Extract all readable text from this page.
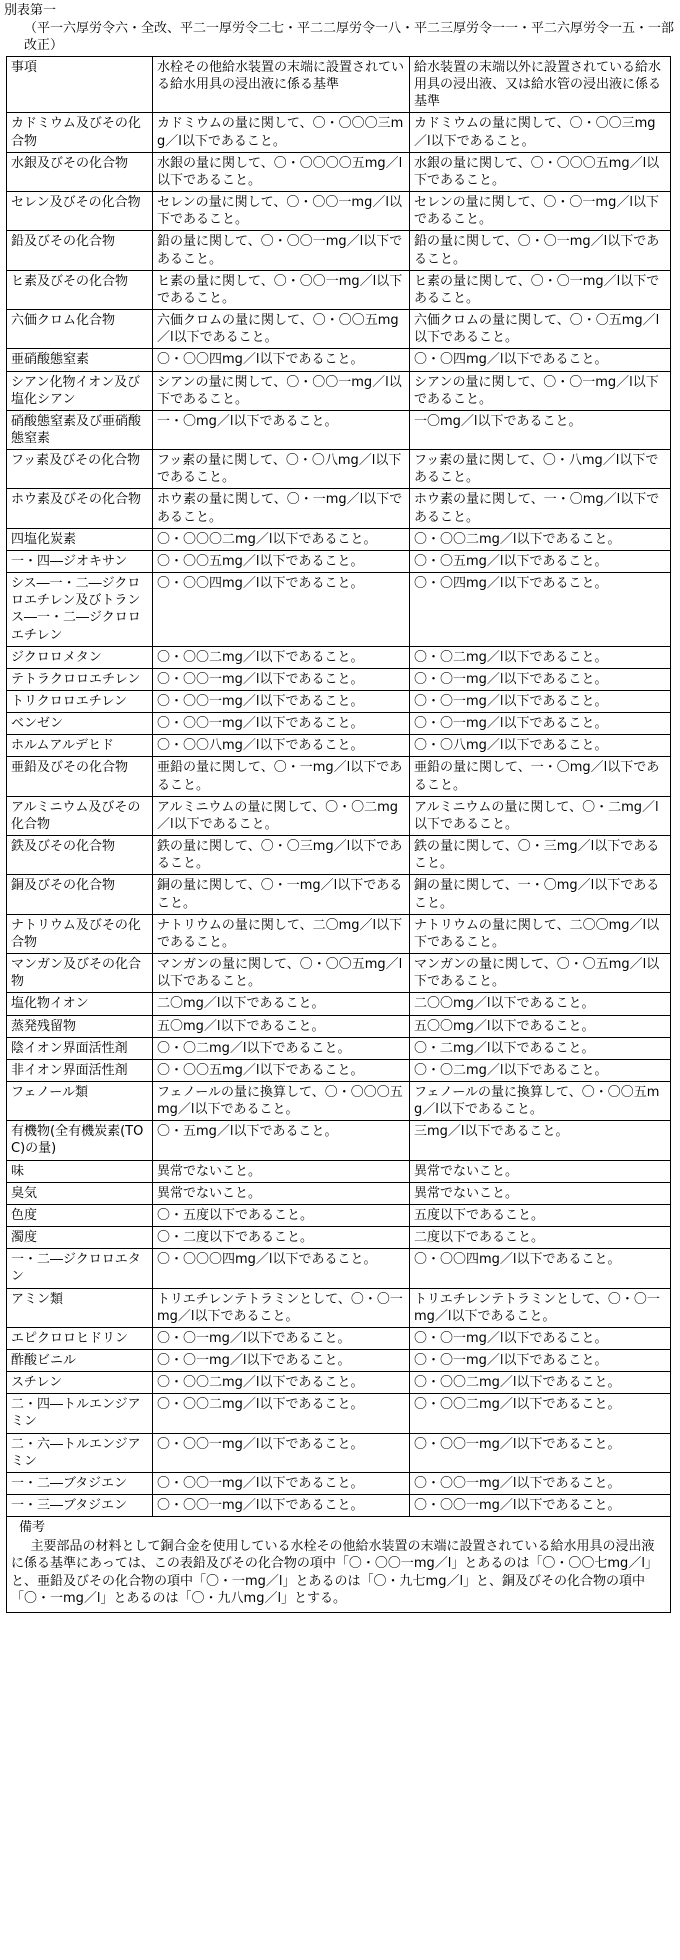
別表第一
（平一六厚労令六・全改、平二一厚労令二七・平二二厚労令一八・平二三厚労令一一・平二六厚労令一五・一部改正）
事項	水栓その他給水装置の末端に設置されている給水用具の浸出液に係る基準	給水装置の末端以外に設置されている給水用具の浸出液、又は給水管の浸出液に係る基準
カドミウム及びその化合物	カドミウムの量に関して、〇・〇〇〇三mg／l以下であること。	カドミウムの量に関して、〇・〇〇三mg／l以下であること。
水銀及びその化合物	水銀の量に関して、〇・〇〇〇〇五mg／l以下であること。	水銀の量に関して、〇・〇〇〇五mg／l以下であること。
セレン及びその化合物	セレンの量に関して、〇・〇〇一mg／l以下であること。	セレンの量に関して、〇・〇一mg／l以下であること。
鉛及びその化合物	鉛の量に関して、〇・〇〇一mg／l以下であること。	鉛の量に関して、〇・〇一mg／l以下であること。
ヒ素及びその化合物	ヒ素の量に関して、〇・〇〇一mg／l以下であること。	ヒ素の量に関して、〇・〇一mg／l以下であること。
六価クロム化合物	六価クロムの量に関して、〇・〇〇五mg／l以下であること。	六価クロムの量に関して、〇・〇五mg／l以下であること。
亜硝酸態窒素	〇・〇〇四mg／l以下であること。	〇・〇四mg／l以下であること。
シアン化物イオン及び塩化シアン	シアンの量に関して、〇・〇〇一mg／l以下であること。	シアンの量に関して、〇・〇一mg／l以下であること。
硝酸態窒素及び亜硝酸態窒素	一・〇mg／l以下であること。	一〇mg／l以下であること。
フッ素及びその化合物	フッ素の量に関して、〇・〇八mg／l以下であること。	フッ素の量に関して、〇・八mg／l以下であること。
ホウ素及びその化合物	ホウ素の量に関して、〇・一mg／l以下であること。	ホウ素の量に関して、一・〇mg／l以下であること。
四塩化炭素	〇・〇〇〇二mg／l以下であること。	〇・〇〇二mg／l以下であること。
一・四―ジオキサン	〇・〇〇五mg／l以下であること。	〇・〇五mg／l以下であること。
シス―一・二―ジクロロエチレン及びトランス―一・二―ジクロロエチレン	〇・〇〇四mg／l以下であること。	〇・〇四mg／l以下であること。
ジクロロメタン	〇・〇〇二mg／l以下であること。	〇・〇二mg／l以下であること。
テトラクロロエチレン	〇・〇〇一mg／l以下であること。	〇・〇一mg／l以下であること。
トリクロロエチレン	〇・〇〇一mg／l以下であること。	〇・〇一mg／l以下であること。
ベンゼン	〇・〇〇一mg／l以下であること。	〇・〇一mg／l以下であること。
ホルムアルデヒド	〇・〇〇八mg／l以下であること。	〇・〇八mg／l以下であること。
亜鉛及びその化合物	亜鉛の量に関して、〇・一mg／l以下であること。	亜鉛の量に関して、一・〇mg／l以下であること。
アルミニウム及びその化合物	アルミニウムの量に関して、〇・〇二mg／l以下であること。	アルミニウムの量に関して、〇・二mg／l以下であること。
鉄及びその化合物	鉄の量に関して、〇・〇三mg／l以下であること。	鉄の量に関して、〇・三mg／l以下であること。
銅及びその化合物	銅の量に関して、〇・一mg／l以下であること。	銅の量に関して、一・〇mg／l以下であること。
ナトリウム及びその化合物	ナトリウムの量に関して、二〇mg／l以下であること。	ナトリウムの量に関して、二〇〇mg／l以下であること。
マンガン及びその化合物	マンガンの量に関して、〇・〇〇五mg／l以下であること。	マンガンの量に関して、〇・〇五mg／l以下であること。
塩化物イオン	二〇mg／l以下であること。	二〇〇mg／l以下であること。
蒸発残留物	五〇mg／l以下であること。	五〇〇mg／l以下であること。
陰イオン界面活性剤	〇・〇二mg／l以下であること。	〇・二mg／l以下であること。
非イオン界面活性剤	〇・〇〇五mg／l以下であること。	〇・〇二mg／l以下であること。
フェノール類	フェノールの量に換算して、〇・〇〇〇五mg／l以下であること。	フェノールの量に換算して、〇・〇〇五mg／l以下であること。
有機物(全有機炭素(TOC)の量)	〇・五mg／l以下であること。	三mg／l以下であること。
味	異常でないこと。	異常でないこと。
臭気	異常でないこと。	異常でないこと。
色度	〇・五度以下であること。	五度以下であること。
濁度	〇・二度以下であること。	二度以下であること。
一・二―ジクロロエタン	〇・〇〇〇四mg／l以下であること。	〇・〇〇四mg／l以下であること。
アミン類	トリエチレンテトラミンとして、〇・〇一mg／l以下であること。	トリエチレンテトラミンとして、〇・〇一mg／l以下であること。
エピクロロヒドリン	〇・〇一mg／l以下であること。	〇・〇一mg／l以下であること。
酢酸ビニル	〇・〇一mg／l以下であること。	〇・〇一mg／l以下であること。
スチレン	〇・〇〇二mg／l以下であること。	〇・〇〇二mg／l以下であること。
二・四―トルエンジアミン	〇・〇〇二mg／l以下であること。	〇・〇〇二mg／l以下であること。
二・六―トルエンジアミン	〇・〇〇一mg／l以下であること。	〇・〇〇一mg／l以下であること。
一・二―ブタジエン	〇・〇〇一mg／l以下であること。	〇・〇〇一mg／l以下であること。
一・三―ブタジエン	〇・〇〇一mg／l以下であること。	〇・〇〇一mg／l以下であること。
備考
主要部品の材料として銅合金を使用している水栓その他給水装置の末端に設置されている給水用具の浸出液に係る基準にあっては、この表鉛及びその化合物の項中「〇・〇〇一mg／l」とあるのは「〇・〇〇七mg／l」と、亜鉛及びその化合物の項中「〇・一mg／l」とあるのは「〇・九七mg／l」と、銅及びその化合物の項中「〇・一mg／l」とあるのは「〇・九八mg／l」とする。
